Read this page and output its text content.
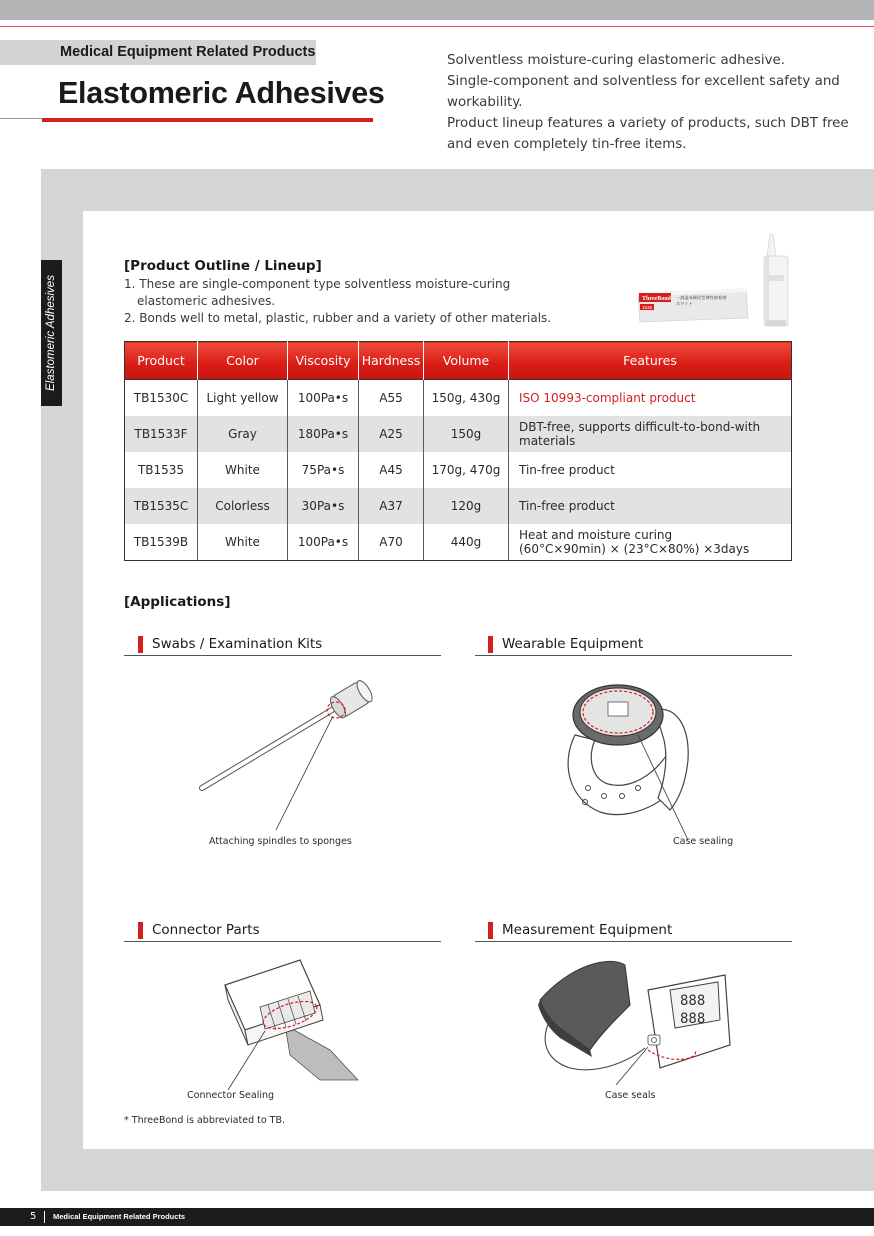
Medical Equipment Related Products
Elastomeric Adhesives
Solventless moisture-curing elastomeric adhesive.
Single-component and solventless for excellent safety and
workability.
Product lineup features a variety of products, such DBT free
and even completely tin-free items.
Elastomeric Adhesives
[Product Outline / Lineup]
1. These are single-component type solventless moisture-curing
elastomeric adhesives.
2. Bonds well to metal, plastic, rubber and a variety of other materials.
ThreeBond
1535
一液湿気硬化型弾性接着剤
ホワイト
Product	Color	Viscosity	Hardness	Volume	Features
TB1530C	Light yellow	100Pa•s	A55	150g, 430g	ISO 10993-compliant product
TB1533F	Gray	180Pa•s	A25	150g	DBT-free, supports difficult-to-bond-with materials
TB1535	White	75Pa•s	A45	170g, 470g	Tin-free product
TB1535C	Colorless	30Pa•s	A37	120g	Tin-free product
TB1539B	White	100Pa•s	A70	440g	Heat and moisture curing
(60°C×90min) × (23°C×80%) ×3days
[Applications]
Swabs / Examination Kits
Attaching spindles to sponges
Wearable Equipment
Case sealing
Connector Parts
Connector Sealing
Measurement Equipment
888
888
Case seals
* ThreeBond is abbreviated to TB.
5 Medical Equipment Related Products
